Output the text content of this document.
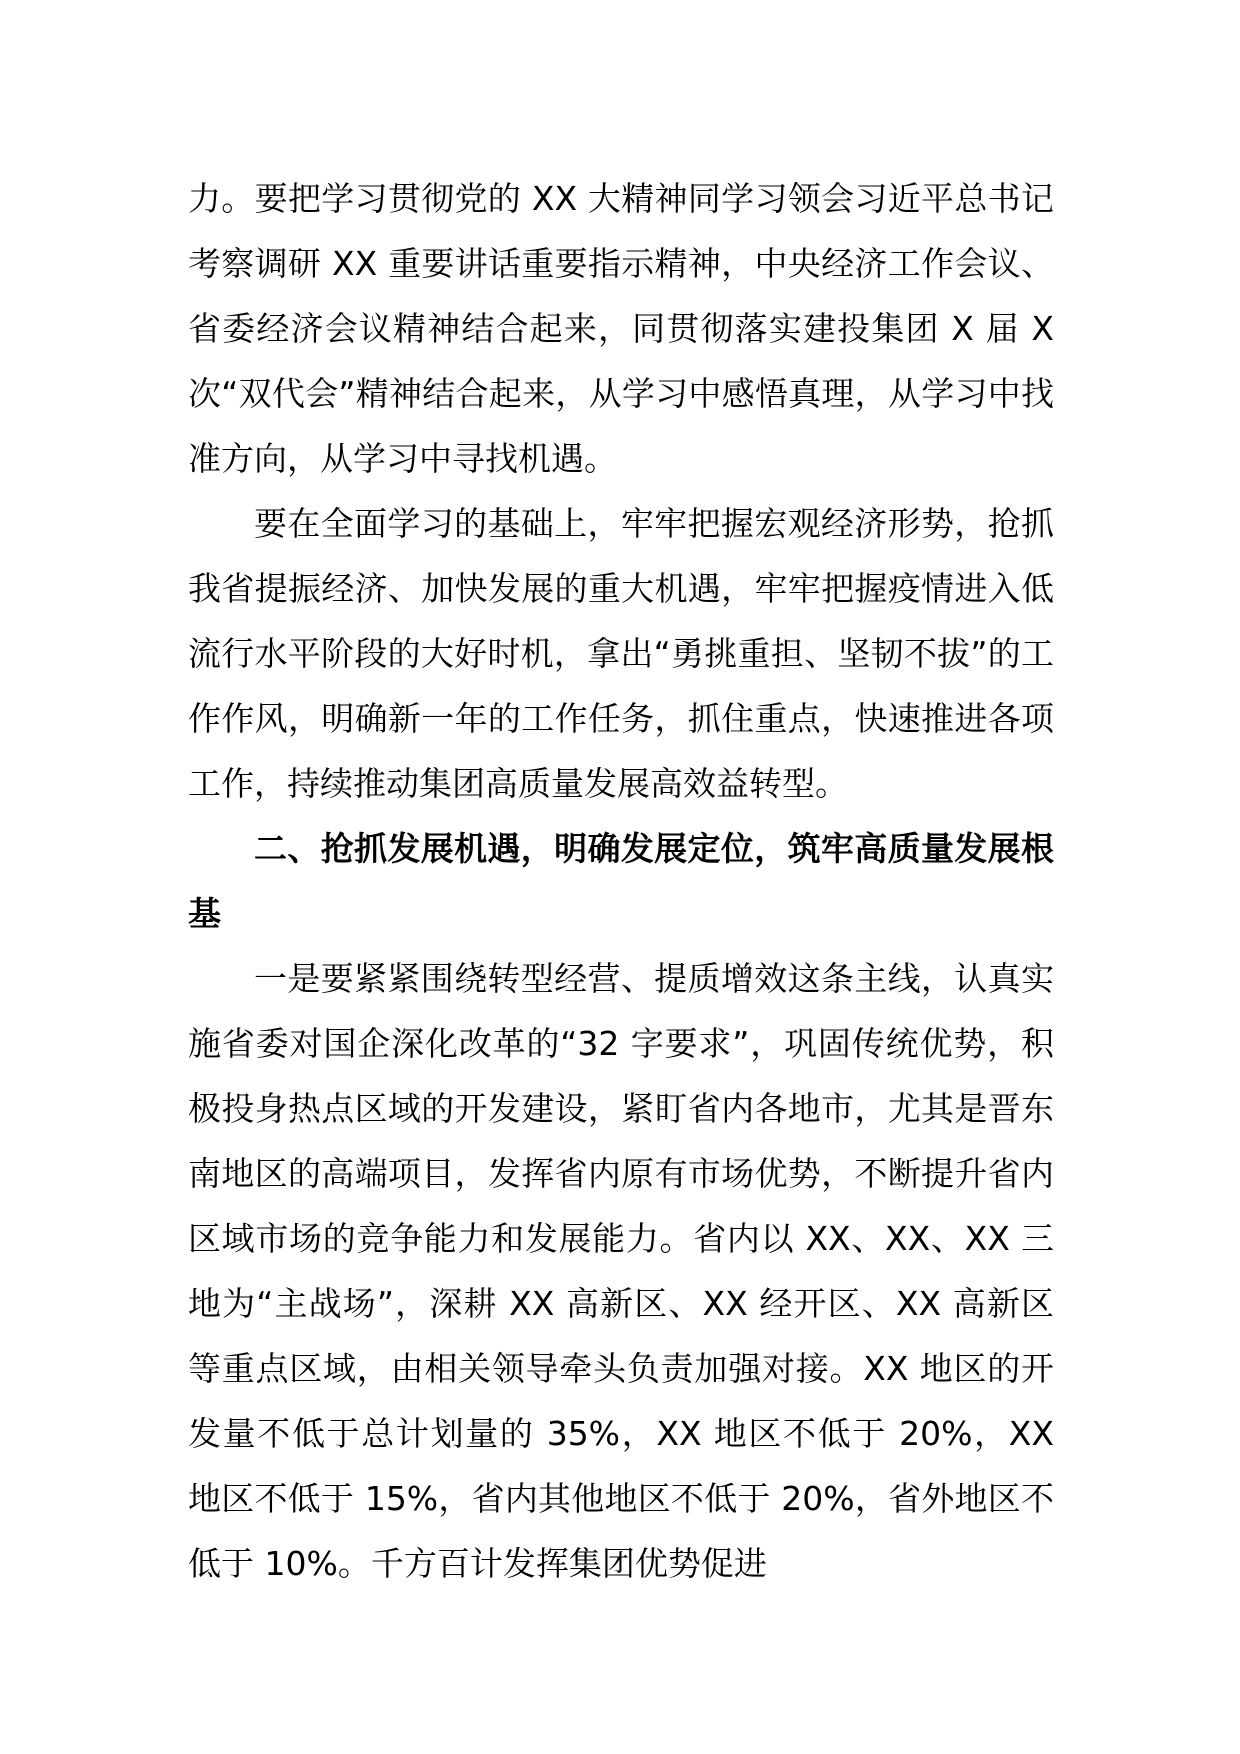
力。要把学习贯彻党的 XX 大精神同学习领会习近平总书记考察调研 XX 重要讲话重要指示精神，中央经济工作会议、省委经济会议精神结合起来，同贯彻落实建投集团 X 届 X 次“双代会”精神结合起来，从学习中感悟真理，从学习中找准方向，从学习中寻找机遇。

要在全面学习的基础上，牢牢把握宏观经济形势，抢抓我省提振经济、加快发展的重大机遇，牢牢把握疫情进入低流行水平阶段的大好时机，拿出“勇挑重担、坚韧不拔”的工作作风，明确新一年的工作任务，抓住重点，快速推进各项工作，持续推动集团高质量发展高效益转型。

二、抢抓发展机遇，明确发展定位，筑牢高质量发展根基

一是要紧紧围绕转型经营、提质增效这条主线，认真实施省委对国企深化改革的“32 字要求”，巩固传统优势，积极投身热点区域的开发建设，紧盯省内各地市，尤其是晋东南地区的高端项目，发挥省内原有市场优势，不断提升省内区域市场的竞争能力和发展能力。省内以 XX、XX、XX 三地为“主战场”，深耕 XX 高新区、XX 经开区、XX 高新区等重点区域，由相关领导牵头负责加强对接。XX 地区的开发量不低于总计划量的 35%，XX 地区不低于 20%，XX 地区不低于 15%，省内其他地区不低于 20%，省外地区不低于 10%。千方百计发挥集团优势促进
